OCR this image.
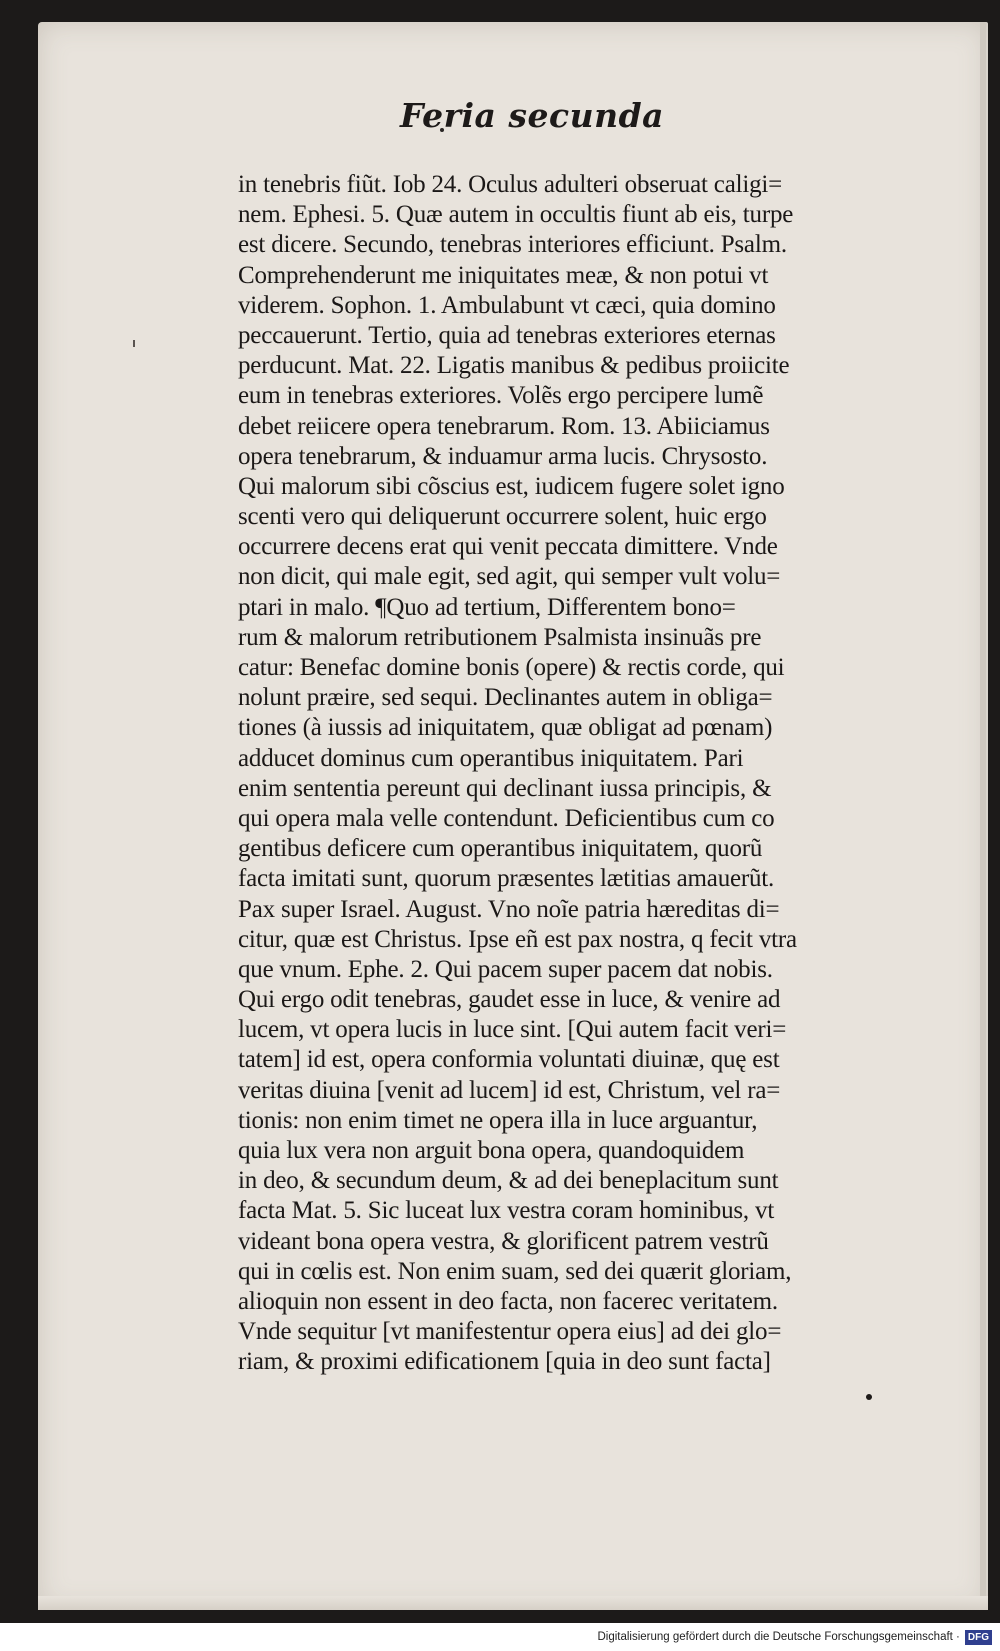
Feria secunda
in tenebris fiũt. Iob 24. Oculus adulteri obseruat caligi=
nem. Ephesi. 5. Quæ autem in occultis fiunt ab eis, turpe
est dicere. Secundo, tenebras interiores efficiunt. Psalm.
Comprehenderunt me iniquitates meæ, & non potui vt
viderem. Sophon. 1. Ambulabunt vt cæci, quia domino
peccauerunt. Tertio, quia ad tenebras exteriores eternas
perducunt. Mat. 22. Ligatis manibus & pedibus proiicite
eum in tenebras exteriores. Volẽs ergo percipere lumẽ
debet reiicere opera tenebrarum. Rom. 13. Abiiciamus
opera tenebrarum, & induamur arma lucis. Chrysosto.
Qui malorum sibi cõscius est, iudicem fugere solet igno
scenti vero qui deliquerunt occurrere solent, huic ergo
occurrere decens erat qui venit peccata dimittere. Vnde
non dicit, qui male egit, sed agit, qui semper vult volu=
ptari in malo. ¶Quo ad tertium, Differentem bono=
rum & malorum retributionem Psalmista insinuãs pre
catur: Benefac domine bonis (opere) & rectis corde, qui
nolunt præire, sed sequi. Declinantes autem in obliga=
tiones (à iussis ad iniquitatem, quæ obligat ad pœnam)
adducet dominus cum operantibus iniquitatem. Pari
enim sententia pereunt qui declinant iussa principis, &
qui opera mala velle contendunt. Deficientibus cum co
gentibus deficere cum operantibus iniquitatem, quorũ
facta imitati sunt, quorum præsentes lætitias amauerũt.
Pax super Israel. August. Vno noĩe patria hæreditas di=
citur, quæ est Christus. Ipse eñ est pax nostra, q fecit vtra
que vnum. Ephe. 2. Qui pacem super pacem dat nobis.
Qui ergo odit tenebras, gaudet esse in luce, & venire ad
lucem, vt opera lucis in luce sint. [Qui autem facit veri=
tatem] id est, opera conformia voluntati diuinæ, quę est
veritas diuina [venit ad lucem] id est, Christum, vel ra=
tionis: non enim timet ne opera illa in luce arguantur,
quia lux vera non arguit bona opera, quandoquidem
in deo, & secundum deum, & ad dei beneplacitum sunt
facta Mat. 5. Sic luceat lux vestra coram hominibus, vt
videant bona opera vestra, & glorificent patrem vestrũ
qui in cœlis est. Non enim suam, sed dei quærit gloriam,
alioquin non essent in deo facta, non facerec veritatem.
Vnde sequitur [vt manifestentur opera eius] ad dei glo=
riam, & proximi edificationem [quia in deo sunt facta]
Digitalisierung gefördert durch die Deutsche Forschungsgemeinschaft · DFG
